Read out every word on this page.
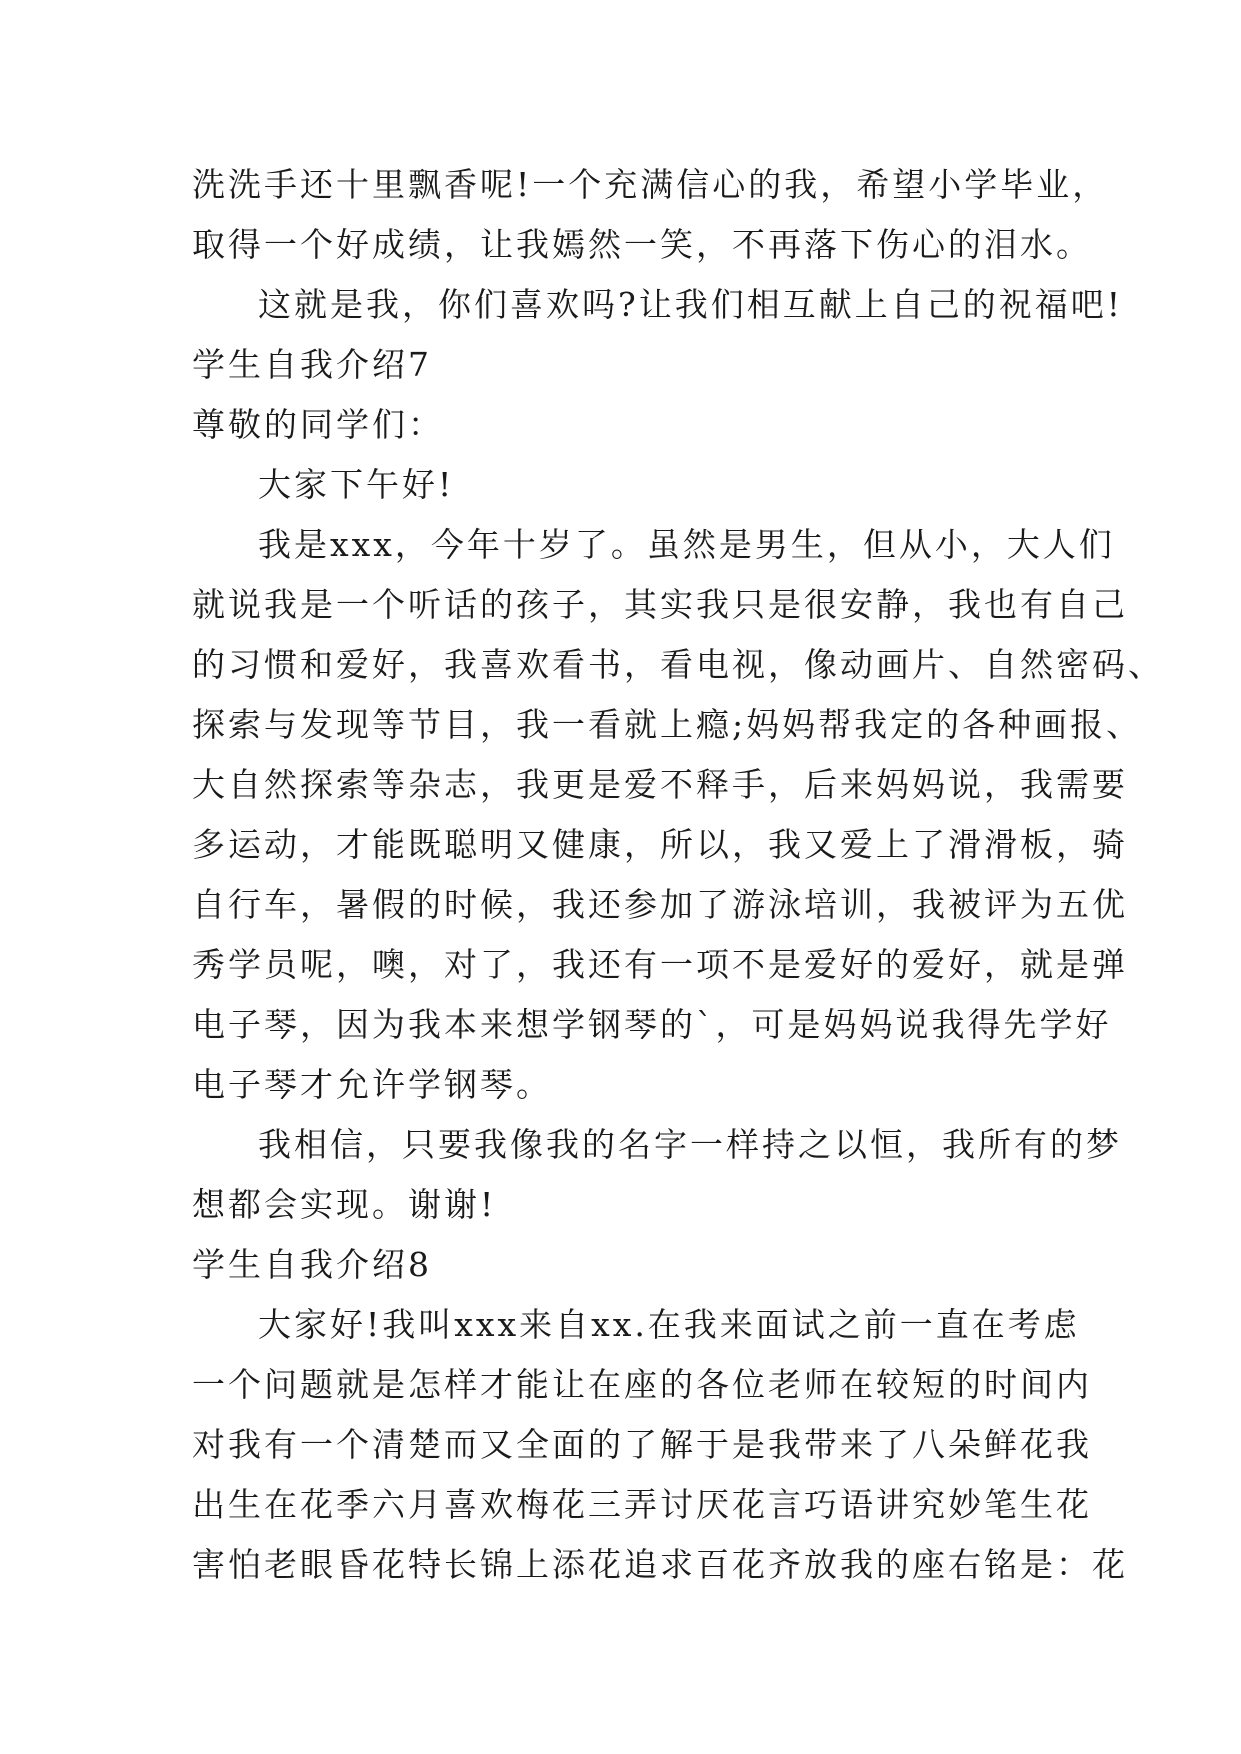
洗洗手还十里飘香呢!一个充满信心的我，希望小学毕业，
取得一个好成绩，让我嫣然一笑，不再落下伤心的泪水。
这就是我，你们喜欢吗?让我们相互献上自己的祝福吧!
学生自我介绍7
尊敬的同学们：
大家下午好!
我是xxx，今年十岁了。虽然是男生，但从小，大人们
就说我是一个听话的孩子，其实我只是很安静，我也有自己
的习惯和爱好，我喜欢看书，看电视，像动画片、自然密码、
探索与发现等节目，我一看就上瘾;妈妈帮我定的各种画报、
大自然探索等杂志，我更是爱不释手，后来妈妈说，我需要
多运动，才能既聪明又健康，所以，我又爱上了滑滑板，骑
自行车，暑假的时候，我还参加了游泳培训，我被评为五优
秀学员呢，噢，对了，我还有一项不是爱好的爱好，就是弹
电子琴，因为我本来想学钢琴的`，可是妈妈说我得先学好
电子琴才允许学钢琴。
我相信，只要我像我的名字一样持之以恒，我所有的梦
想都会实现。谢谢!
学生自我介绍8
大家好!我叫xxx来自xx.在我来面试之前一直在考虑
一个问题就是怎样才能让在座的各位老师在较短的时间内
对我有一个清楚而又全面的了解于是我带来了八朵鲜花我
出生在花季六月喜欢梅花三弄讨厌花言巧语讲究妙笔生花
害怕老眼昏花特长锦上添花追求百花齐放我的座右铭是：花
